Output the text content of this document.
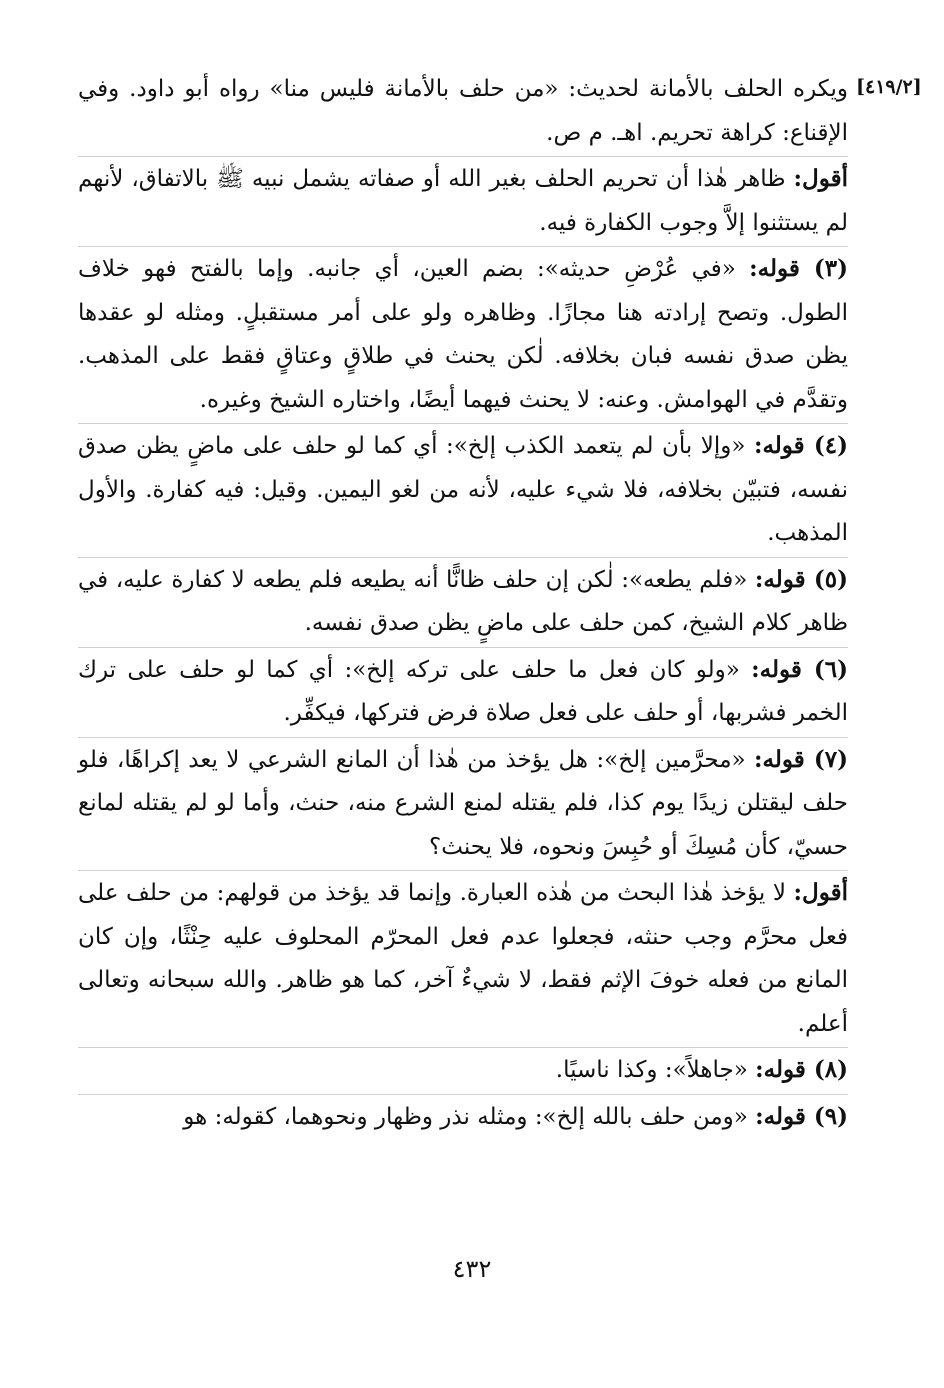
[٤١٩/٢]

ويكره الحلف بالأمانة لحديث: «من حلف بالأمانة فليس منا» رواه أبو داود. وفي الإقناع: كراهة تحريم. اهـ. م ص.

أقول: ظاهر هٰذا أن تحريم الحلف بغير الله أو صفاته يشمل نبيه ﷺ بالاتفاق، لأنهم لم يستثنوا إلاَّ وجوب الكفارة فيه.

(٣) قوله: «في عُرْضِ حديثه»: بضم العين، أي جانبه. وإما بالفتح فهو خلاف الطول. وتصح إرادته هنا مجازًا. وظاهره ولو على أمر مستقبلٍ. ومثله لو عقدها يظن صدق نفسه فبان بخلافه. لٰكن يحنث في طلاقٍ وعتاقٍ فقط على المذهب. وتقدَّم في الهوامش. وعنه: لا يحنث فيهما أيضًا، واختاره الشيخ وغيره.

(٤) قوله: «وإلا بأن لم يتعمد الكذب إلخ»: أي كما لو حلف على ماضٍ يظن صدق نفسه، فتبيّن بخلافه، فلا شيء عليه، لأنه من لغو اليمين. وقيل: فيه كفارة. والأول المذهب.

(٥) قوله: «فلم يطعه»: لٰكن إن حلف ظانًّا أنه يطيعه فلم يطعه لا كفارة عليه، في ظاهر كلام الشيخ، كمن حلف على ماضٍ يظن صدق نفسه.

(٦) قوله: «ولو كان فعل ما حلف على تركه إلخ»: أي كما لو حلف على ترك الخمر فشربها، أو حلف على فعل صلاة فرض فتركها، فيكفِّر.

(٧) قوله: «محرَّمين إلخ»: هل يؤخذ من هٰذا أن المانع الشرعي لا يعد إكراهًا، فلو حلف ليقتلن زيدًا يوم كذا، فلم يقتله لمنع الشرع منه، حنث، وأما لو لم يقتله لمانع حسيّ، كأن مُسِكَ أو حُبِسَ ونحوه، فلا يحنث؟

أقول: لا يؤخذ هٰذا البحث من هٰذه العبارة. وإنما قد يؤخذ من قولهم: من حلف على فعل محرَّم وجب حنثه، فجعلوا عدم فعل المحرّم المحلوف عليه حِنْثًا، وإن كان المانع من فعله خوفَ الإثم فقط، لا شيءٌ آخر، كما هو ظاهر. والله سبحانه وتعالى أعلم.

(٨) قوله: «جاهلاً»: وكذا ناسيًا.

(٩) قوله: «ومن حلف بالله إلخ»: ومثله نذر وظهار ونحوهما، كقوله: هو

٤٣٢
